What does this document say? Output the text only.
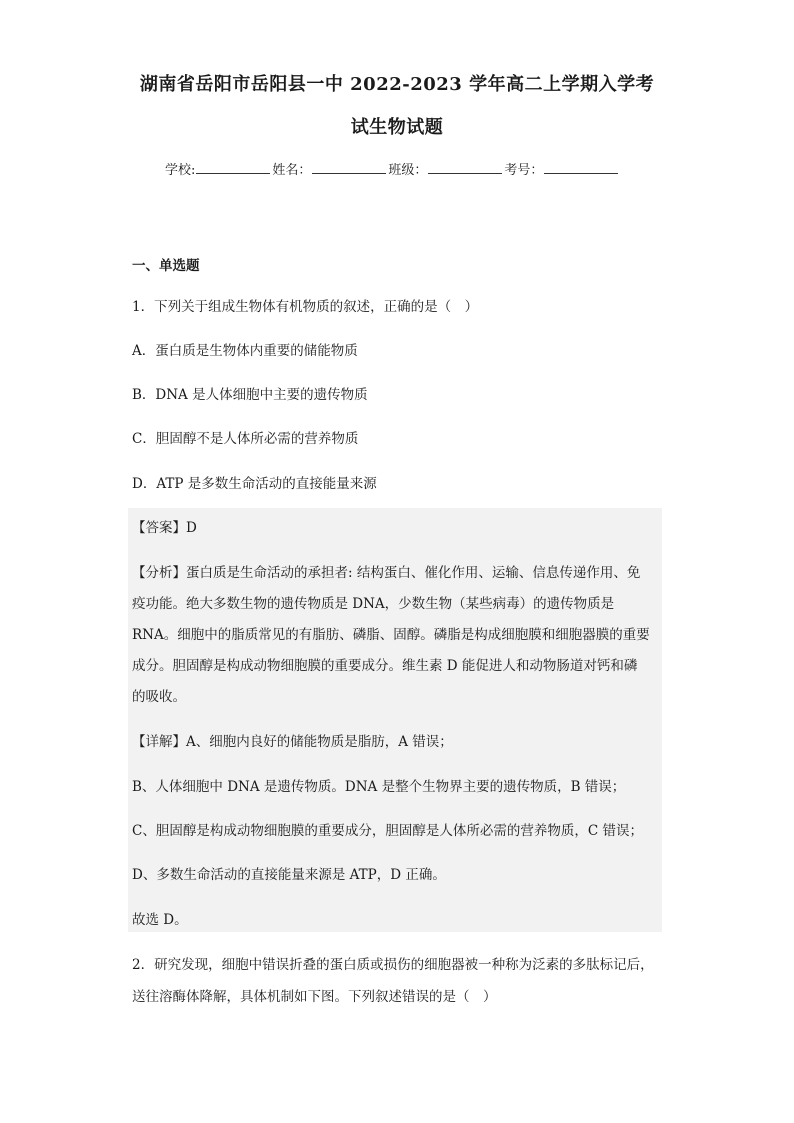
湖南省岳阳市岳阳县一中 2022-2023 学年高二上学期入学考
试生物试题
学校:	姓名：	班级：	考号：
一、单选题
1．下列关于组成生物体有机物质的叙述，正确的是（　）
A．蛋白质是生物体内重要的储能物质
B．DNA 是人体细胞中主要的遗传物质
C．胆固醇不是人体所必需的营养物质
D．ATP 是多数生命活动的直接能量来源
【答案】D
【分析】蛋白质是生命活动的承担者: 结构蛋白、催化作用、运输、信息传递作用、免
疫功能。绝大多数生物的遗传物质是 DNA，少数生物（某些病毒）的遗传物质是
RNA。细胞中的脂质常见的有脂肪、磷脂、固醇。磷脂是构成细胞膜和细胞器膜的重要
成分。胆固醇是构成动物细胞膜的重要成分。维生素 D 能促进人和动物肠道对钙和磷
的吸收。
【详解】A、细胞内良好的储能物质是脂肪，A 错误；
B、人体细胞中 DNA 是遗传物质。DNA 是整个生物界主要的遗传物质，B 错误；
C、胆固醇是构成动物细胞膜的重要成分，胆固醇是人体所必需的营养物质，C 错误；
D、多数生命活动的直接能量来源是 ATP，D 正确。
故选 D。
2．研究发现，细胞中错误折叠的蛋白质或损伤的细胞器被一种称为泛素的多肽标记后，
送往溶酶体降解，具体机制如下图。下列叙述错误的是（　）
